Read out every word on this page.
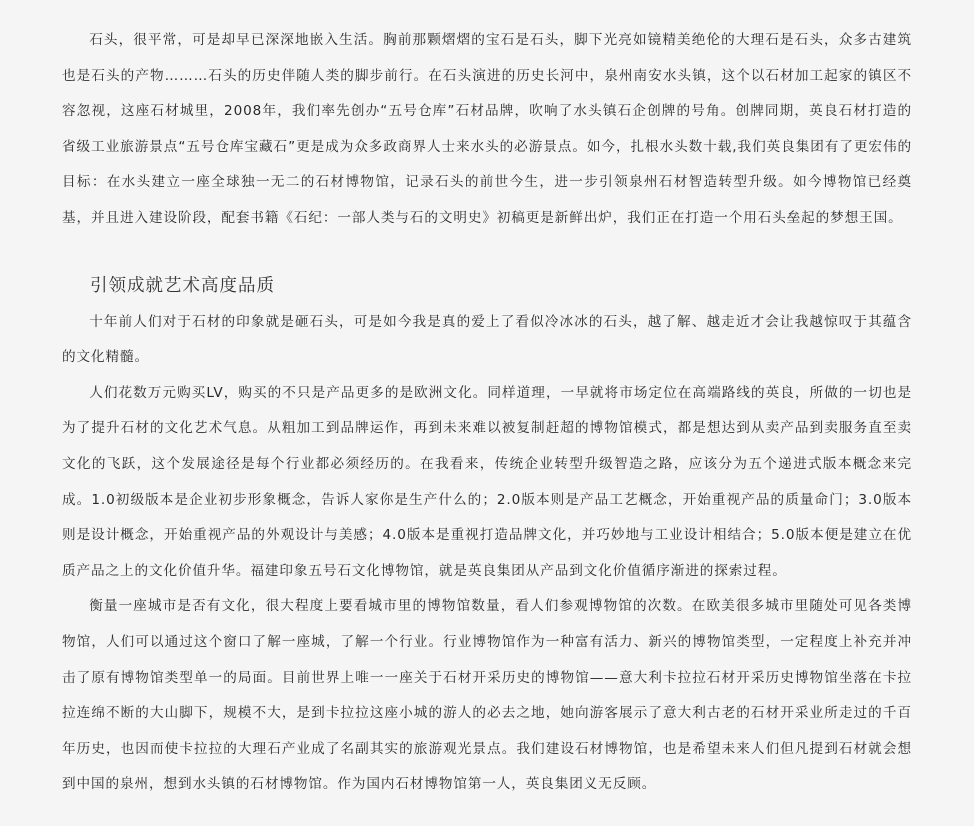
石头，很平常，可是却早已深深地嵌入生活。胸前那颗熠熠的宝石是石头，脚下光亮如镜精美绝伦的大理石是石头，众多古建筑也是石头的产物………石头的历史伴随人类的脚步前行。在石头演进的历史长河中，泉州南安水头镇，这个以石材加工起家的镇区不容忽视，这座石材城里，2008年，我们率先创办“五号仓库”石材品牌，吹响了水头镇石企创牌的号角。创牌同期，英良石材打造的省级工业旅游景点“五号仓库宝藏石”更是成为众多政商界人士来水头的必游景点。如今，扎根水头数十载,我们英良集团有了更宏伟的目标：在水头建立一座全球独一无二的石材博物馆，记录石头的前世今生，进一步引领泉州石材智造转型升级。如今博物馆已经奠基，并且进入建设阶段，配套书籍《石纪：一部人类与石的文明史》初稿更是新鲜出炉，我们正在打造一个用石头垒起的梦想王国。

引领成就艺术高度品质

十年前人们对于石材的印象就是砸石头，可是如今我是真的爱上了看似冷冰冰的石头，越了解、越走近才会让我越惊叹于其蕴含的文化精髓。

人们花数万元购买LV，购买的不只是产品更多的是欧洲文化。同样道理，一早就将市场定位在高端路线的英良，所做的一切也是为了提升石材的文化艺术气息。从粗加工到品牌运作，再到未来难以被复制赶超的博物馆模式，都是想达到从卖产品到卖服务直至卖文化的飞跃，这个发展途径是每个行业都必须经历的。在我看来，传统企业转型升级智造之路，应该分为五个递进式版本概念来完成。1.0初级版本是企业初步形象概念，告诉人家你是生产什么的；2.0版本则是产品工艺概念，开始重视产品的质量命门；3.0版本则是设计概念，开始重视产品的外观设计与美感；4.0版本是重视打造品牌文化，并巧妙地与工业设计相结合；5.0版本便是建立在优质产品之上的文化价值升华。福建印象五号石文化博物馆，就是英良集团从产品到文化价值循序渐进的探索过程。

衡量一座城市是否有文化，很大程度上要看城市里的博物馆数量，看人们参观博物馆的次数。在欧美很多城市里随处可见各类博物馆，人们可以通过这个窗口了解一座城，了解一个行业。行业博物馆作为一种富有活力、新兴的博物馆类型，一定程度上补充并冲击了原有博物馆类型单一的局面。目前世界上唯一一座关于石材开采历史的博物馆——意大利卡拉拉石材开采历史博物馆坐落在卡拉拉连绵不断的大山脚下，规模不大，是到卡拉拉这座小城的游人的必去之地，她向游客展示了意大利古老的石材开采业所走过的千百年历史，也因而使卡拉拉的大理石产业成了名副其实的旅游观光景点。我们建设石材博物馆，也是希望未来人们但凡提到石材就会想到中国的泉州，想到水头镇的石材博物馆。作为国内石材博物馆第一人，英良集团义无反顾。
